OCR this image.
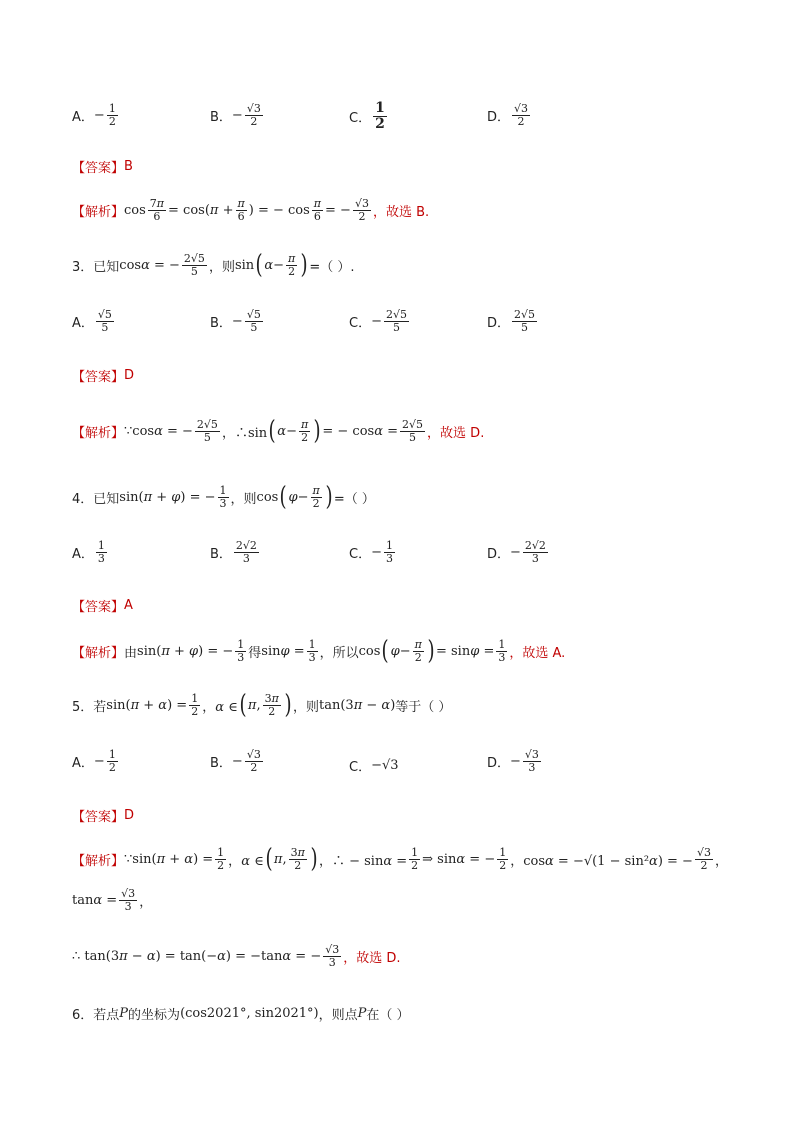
A． − $\frac{1}{2}$	B． − $\frac{√3}{2}$	C． $\frac{1}{2}$	D． $\frac{√3}{2}$
【答案】 B
【解析】 $\cos \frac{7\pi}{6} = \cos(\pi + \frac{\pi}{6}$ ) = − $\cos \frac{\pi}{6}$ = − $\frac{√3}{2}$ ，故选 B.
3． 已知 cosα = − $\frac{2√5}{5}$ ，则 sin ( $\alpha - \frac{\pi}{2}$ ) =（ ）.
A． $\frac{√5}{5}$	B． − $\frac{√5}{5}$	C． − $\frac{2√5}{5}$	D． $\frac{2√5}{5}$
【答案】 D
【解析】 ∵cosα = − $\frac{2√5}{5}$ ，∴sin ( $\alpha - \frac{\pi}{2}$ ) = − $\cos\alpha = \frac{2√5}{5}$ ，故选 D.
4． 已知 sin(π + φ) = − $\frac{1}{3}$ ，则 cos ( $\varphi - \frac{\pi}{2}$ ) =（ ）
A． $\frac{1}{3}$	B． $\frac{2√2}{3}$	C． − $\frac{1}{3}$	D． − $\frac{2√2}{3}$
【答案】 A
【解析】 由 sin(π + φ) = − $\frac{1}{3}$ 得 $\sin\varphi = \frac{1}{3}$ ，所以 cos ( $\varphi - \frac{\pi}{2}$ ) = $\sin\varphi = \frac{1}{3}$ ，故选 A.
5． 若 $\sin(\pi + \alpha) = \frac{1}{2}$ ，α ∈ ( π , $\frac{3\pi}{2}$ ) ，则 tan(3π − α) 等于（ ）
A． − $\frac{1}{2}$	B． − $\frac{√3}{2}$	C． −√3	D． − $\frac{√3}{3}$
【答案】 D
【解析】 ∵sin(π + $\alpha) = \frac{1}{2}$ ，α ∈ ( π , $\frac{3\pi}{2}$ ) ，∴ − $\sin\alpha = \frac{1}{2}$ ⇒ sinα = − $\frac{1}{2}$ ，cosα = −√(1 − sin²α) = − $\frac{√3}{2}$ ，
$\tan\alpha = \frac{√3}{3}$ ，
∴ tan(3π − α) = tan(−α) = −tanα = − $\frac{√3}{3}$ ，故选 D.
6． 若点 P 的坐标为 (cos2021°, sin2021°) ，则点 P 在（ ）
